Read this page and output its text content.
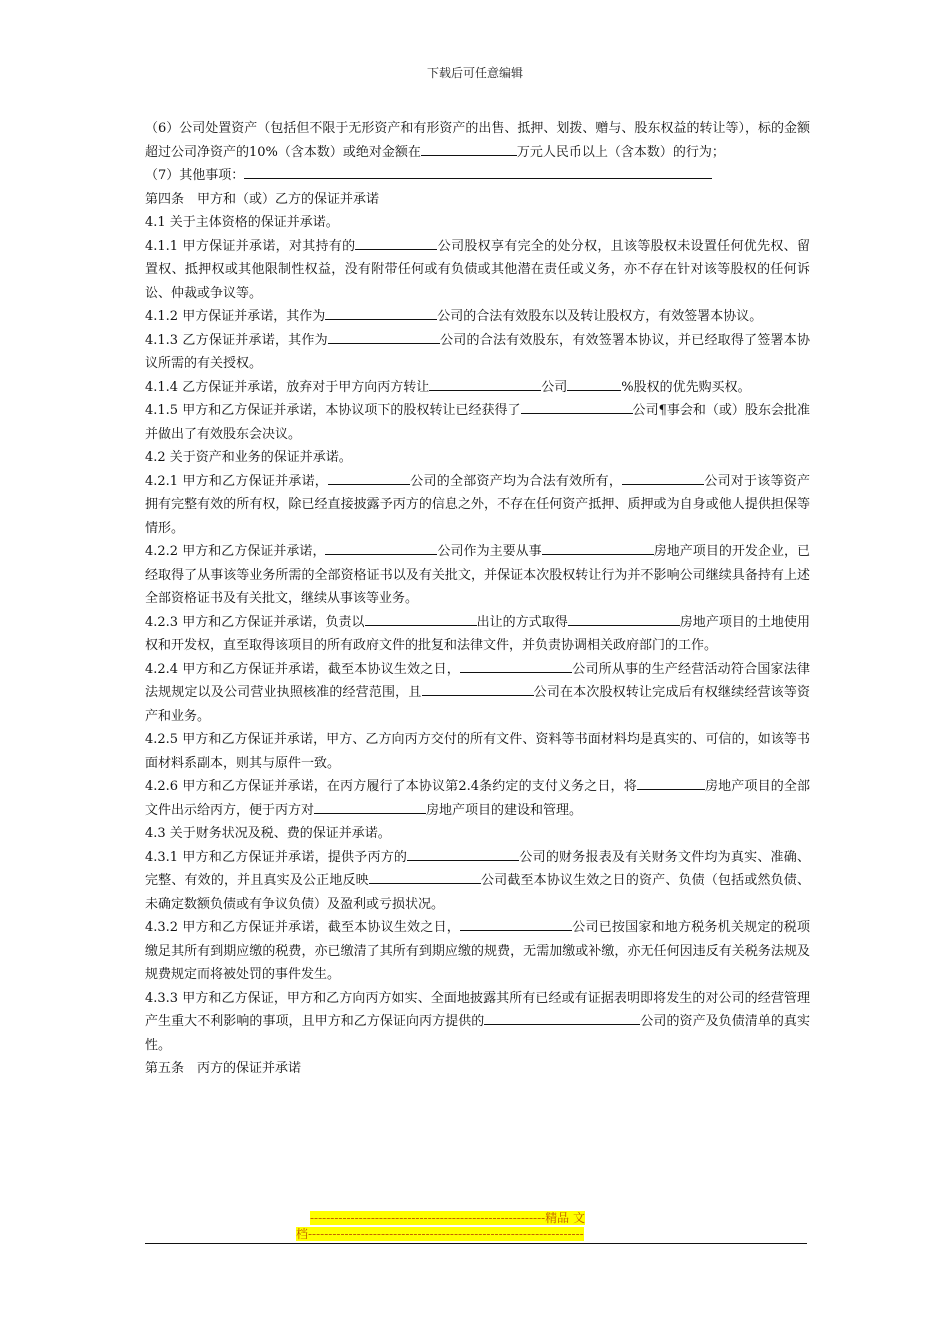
下载后可任意编辑

（6）公司处置资产（包括但不限于无形资产和有形资产的出售、抵押、划拨、赠与、股东权益的转让等），标的金额超过公司净资产的10%（含本数）或绝对金额在	万元人民币以上（含本数）的行为；

（7）其他事项：

第四条　甲方和（或）乙方的保证并承诺

4.1 关于主体资格的保证并承诺。

4.1.1 甲方保证并承诺，对其持有的	公司股权享有完全的处分权，且该等股权未设置任何优先权、留置权、抵押权或其他限制性权益，没有附带任何或有负债或其他潜在责任或义务，亦不存在针对该等股权的任何诉讼、仲裁或争议等。

4.1.2 甲方保证并承诺，其作为	公司的合法有效股东以及转让股权方，有效签署本协议。

4.1.3 乙方保证并承诺，其作为	公司的合法有效股东，有效签署本协议，并已经取得了签署本协议所需的有关授权。

4.1.4 乙方保证并承诺，放弃对于甲方向丙方转让	公司	%股权的优先购买权。

4.1.5 甲方和乙方保证并承诺，本协议项下的股权转让已经获得了	公司¶事会和（或）股东会批准并做出了有效股东会决议。

4.2 关于资产和业务的保证并承诺。

4.2.1 甲方和乙方保证并承诺，	公司的全部资产均为合法有效所有，	公司对于该等资产拥有完整有效的所有权，除已经直接披露予丙方的信息之外，不存在任何资产抵押、质押或为自身或他人提供担保等情形。

4.2.2 甲方和乙方保证并承诺，	公司作为主要从事	房地产项目的开发企业，已经取得了从事该等业务所需的全部资格证书以及有关批文，并保证本次股权转让行为并不影响公司继续具备持有上述全部资格证书及有关批文，继续从事该等业务。

4.2.3 甲方和乙方保证并承诺，负责以	出让的方式取得	房地产项目的土地使用权和开发权，直至取得该项目的所有政府文件的批复和法律文件，并负责协调相关政府部门的工作。

4.2.4 甲方和乙方保证并承诺，截至本协议生效之日，	公司所从事的生产经营活动符合国家法律法规规定以及公司营业执照核准的经营范围，且	公司在本次股权转让完成后有权继续经营该等资产和业务。

4.2.5 甲方和乙方保证并承诺，甲方、乙方向丙方交付的所有文件、资料等书面材料均是真实的、可信的，如该等书面材料系副本，则其与原件一致。

4.2.6 甲方和乙方保证并承诺，在丙方履行了本协议第2.4条约定的支付义务之日，将	房地产项目的全部文件出示给丙方，便于丙方对	房地产项目的建设和管理。

4.3 关于财务状况及税、费的保证并承诺。

4.3.1 甲方和乙方保证并承诺，提供予丙方的	公司的财务报表及有关财务文件均为真实、准确、完整、有效的，并且真实及公正地反映	公司截至本协议生效之日的资产、负债（包括或然负债、未确定数额负债或有争议负债）及盈利或亏损状况。

4.3.2 甲方和乙方保证并承诺，截至本协议生效之日，	公司已按国家和地方税务机关规定的税项缴足其所有到期应缴的税费，亦已缴清了其所有到期应缴的规费，无需加缴或补缴，亦无任何因违反有关税务法规及规费规定而将被处罚的事件发生。

4.3.3 甲方和乙方保证，甲方和乙方向丙方如实、全面地披露其所有已经或有证据表明即将发生的对公司的经营管理产生重大不利影响的事项，且甲方和乙方保证向丙方提供的	公司的资产及负债清单的真实性。

第五条　丙方的保证并承诺

----------------------------------------------------------精品 文
档--------------------------------------------------------------------
